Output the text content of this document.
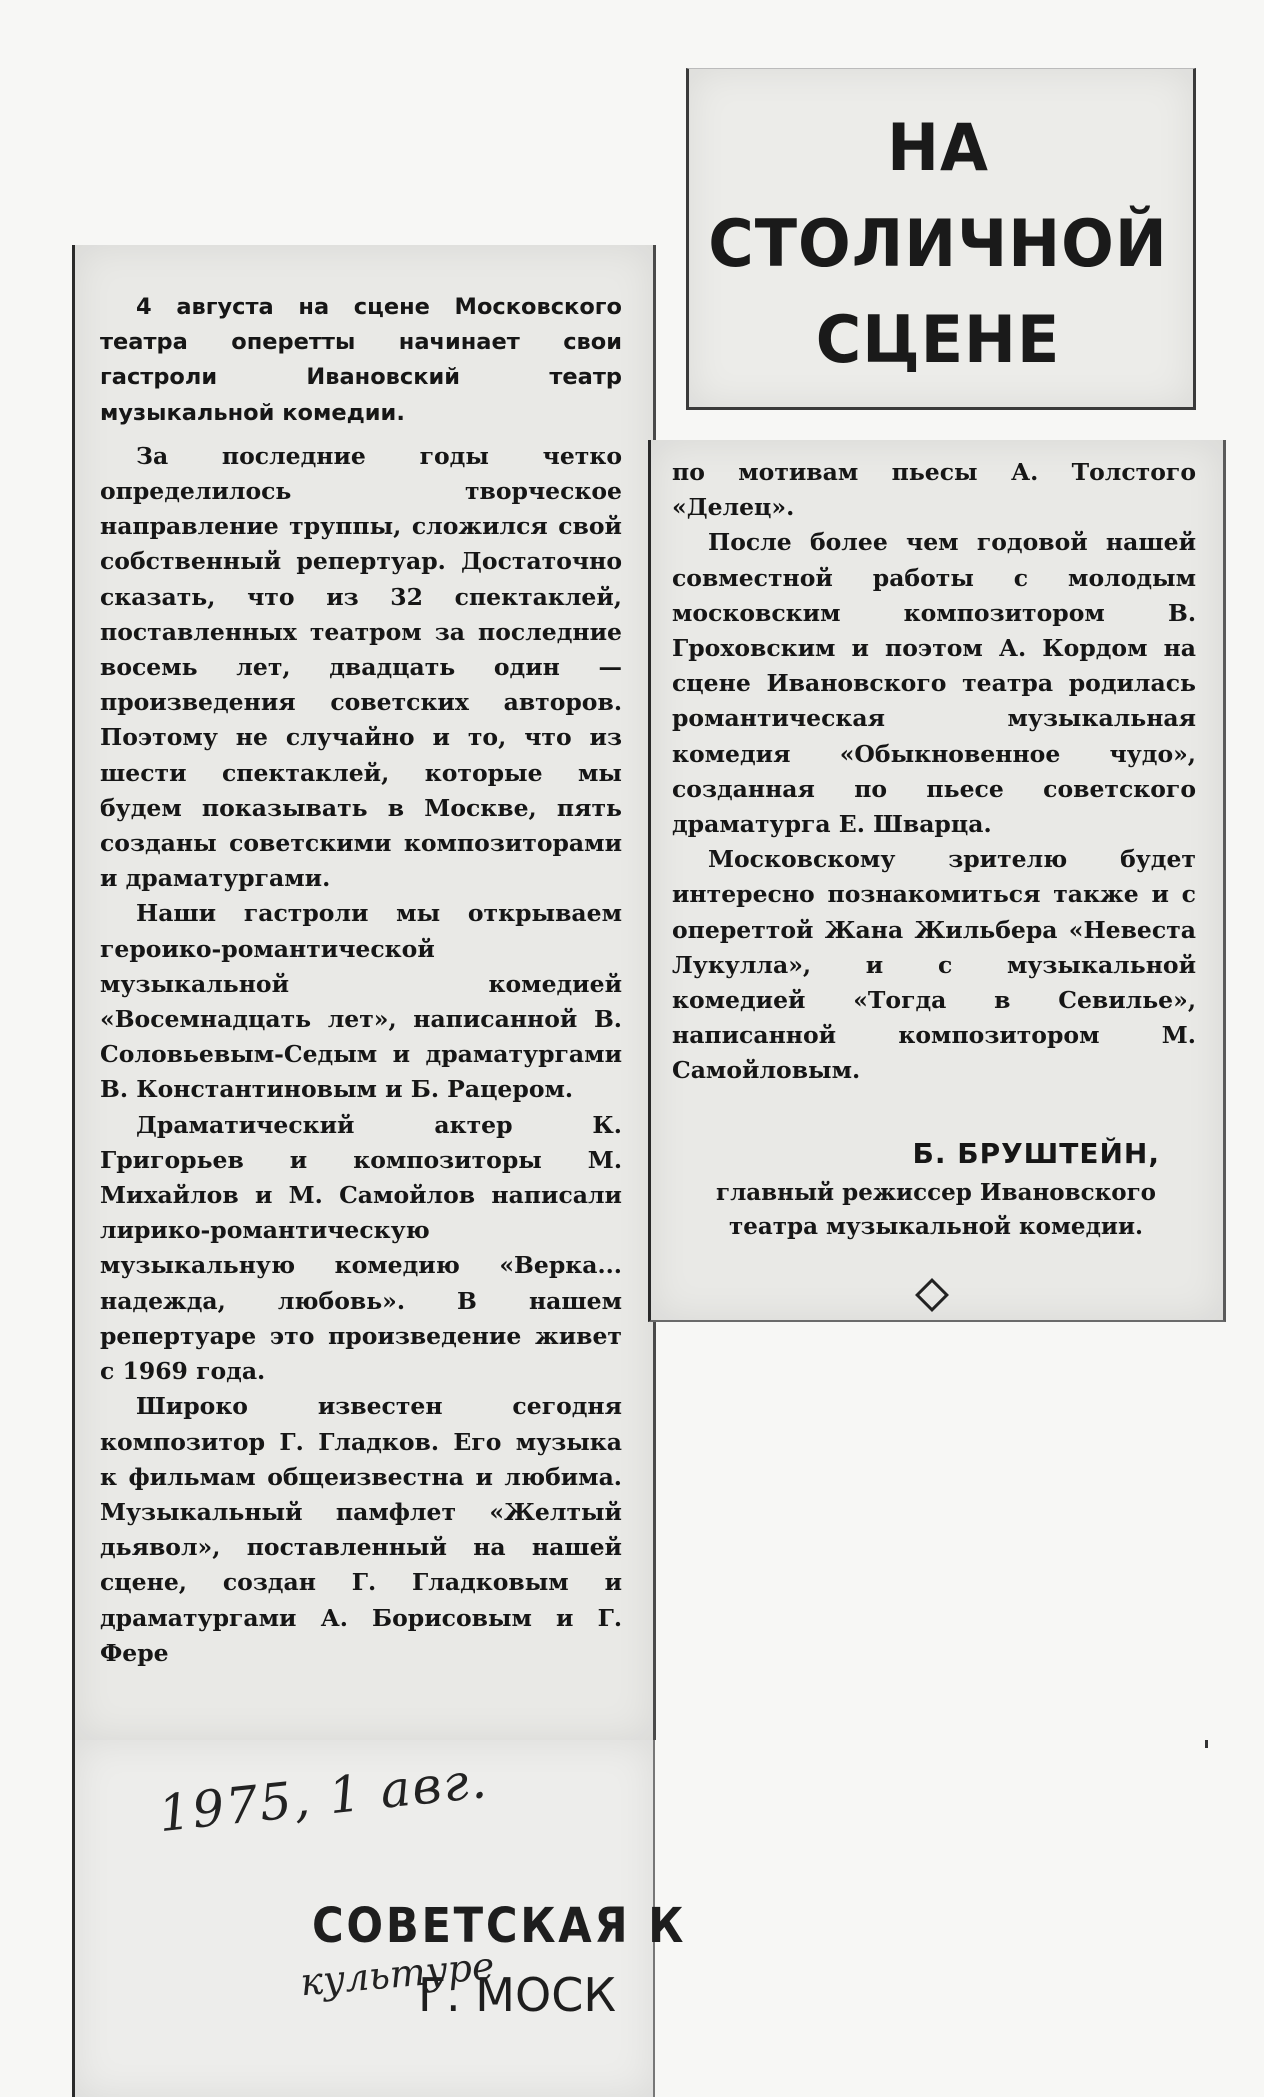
НА
СТОЛИЧНОЙ
СЦЕНЕ

4 августа на сцене Московского театра оперетты начинает свои гастроли Ивановский театр музыкальной комедии.

За последние годы четко определилось творческое направление труппы, сложился свой собственный репертуар. Достаточно сказать, что из 32 спектаклей, поставленных театром за последние восемь лет, двадцать один — произведения советских авторов. Поэтому не случайно и то, что из шести спектаклей, которые мы будем показывать в Москве, пять созданы советскими композиторами и драматургами.

Наши гастроли мы открываем героико-романтической музыкальной комедией «Восемнадцать лет», написанной В. Соловьевым-Седым и драматургами В. Константиновым и Б. Рацером.

Драматический актер К. Григорьев и композиторы М. Михайлов и М. Самойлов написали лирико-романтическую музыкальную комедию «Верка... надежда, любовь». В нашем репертуаре это произведение живет с 1969 года.

Широко известен сегодня композитор Г. Гладков. Его музыка к фильмам общеизвестна и любима. Музыкальный памфлет «Желтый дьявол», поставленный на нашей сцене, создан Г. Гладковым и драматургами А. Борисовым и Г. Фере

по мотивам пьесы А. Толстого «Делец».

После более чем годовой нашей совместной работы с молодым московским композитором В. Гроховским и поэтом А. Кордом на сцене Ивановского театра родилась романтическая музыкальная комедия «Обыкновенное чудо», созданная по пьесе советского драматурга Е. Шварца.

Московскому зрителю будет интересно познакомиться также и с опереттой Жана Жильбера «Невеста Лукулла», и с музыкальной комедией «Тогда в Севилье», написанной композитором М. Самойловым.

Б. БРУШТЕЙН,
главный режиссер Ивановского театра музыкальной комедии.
1975, 1 авг.
СОВЕТСКАЯ К
культуре
Г. МОСК
